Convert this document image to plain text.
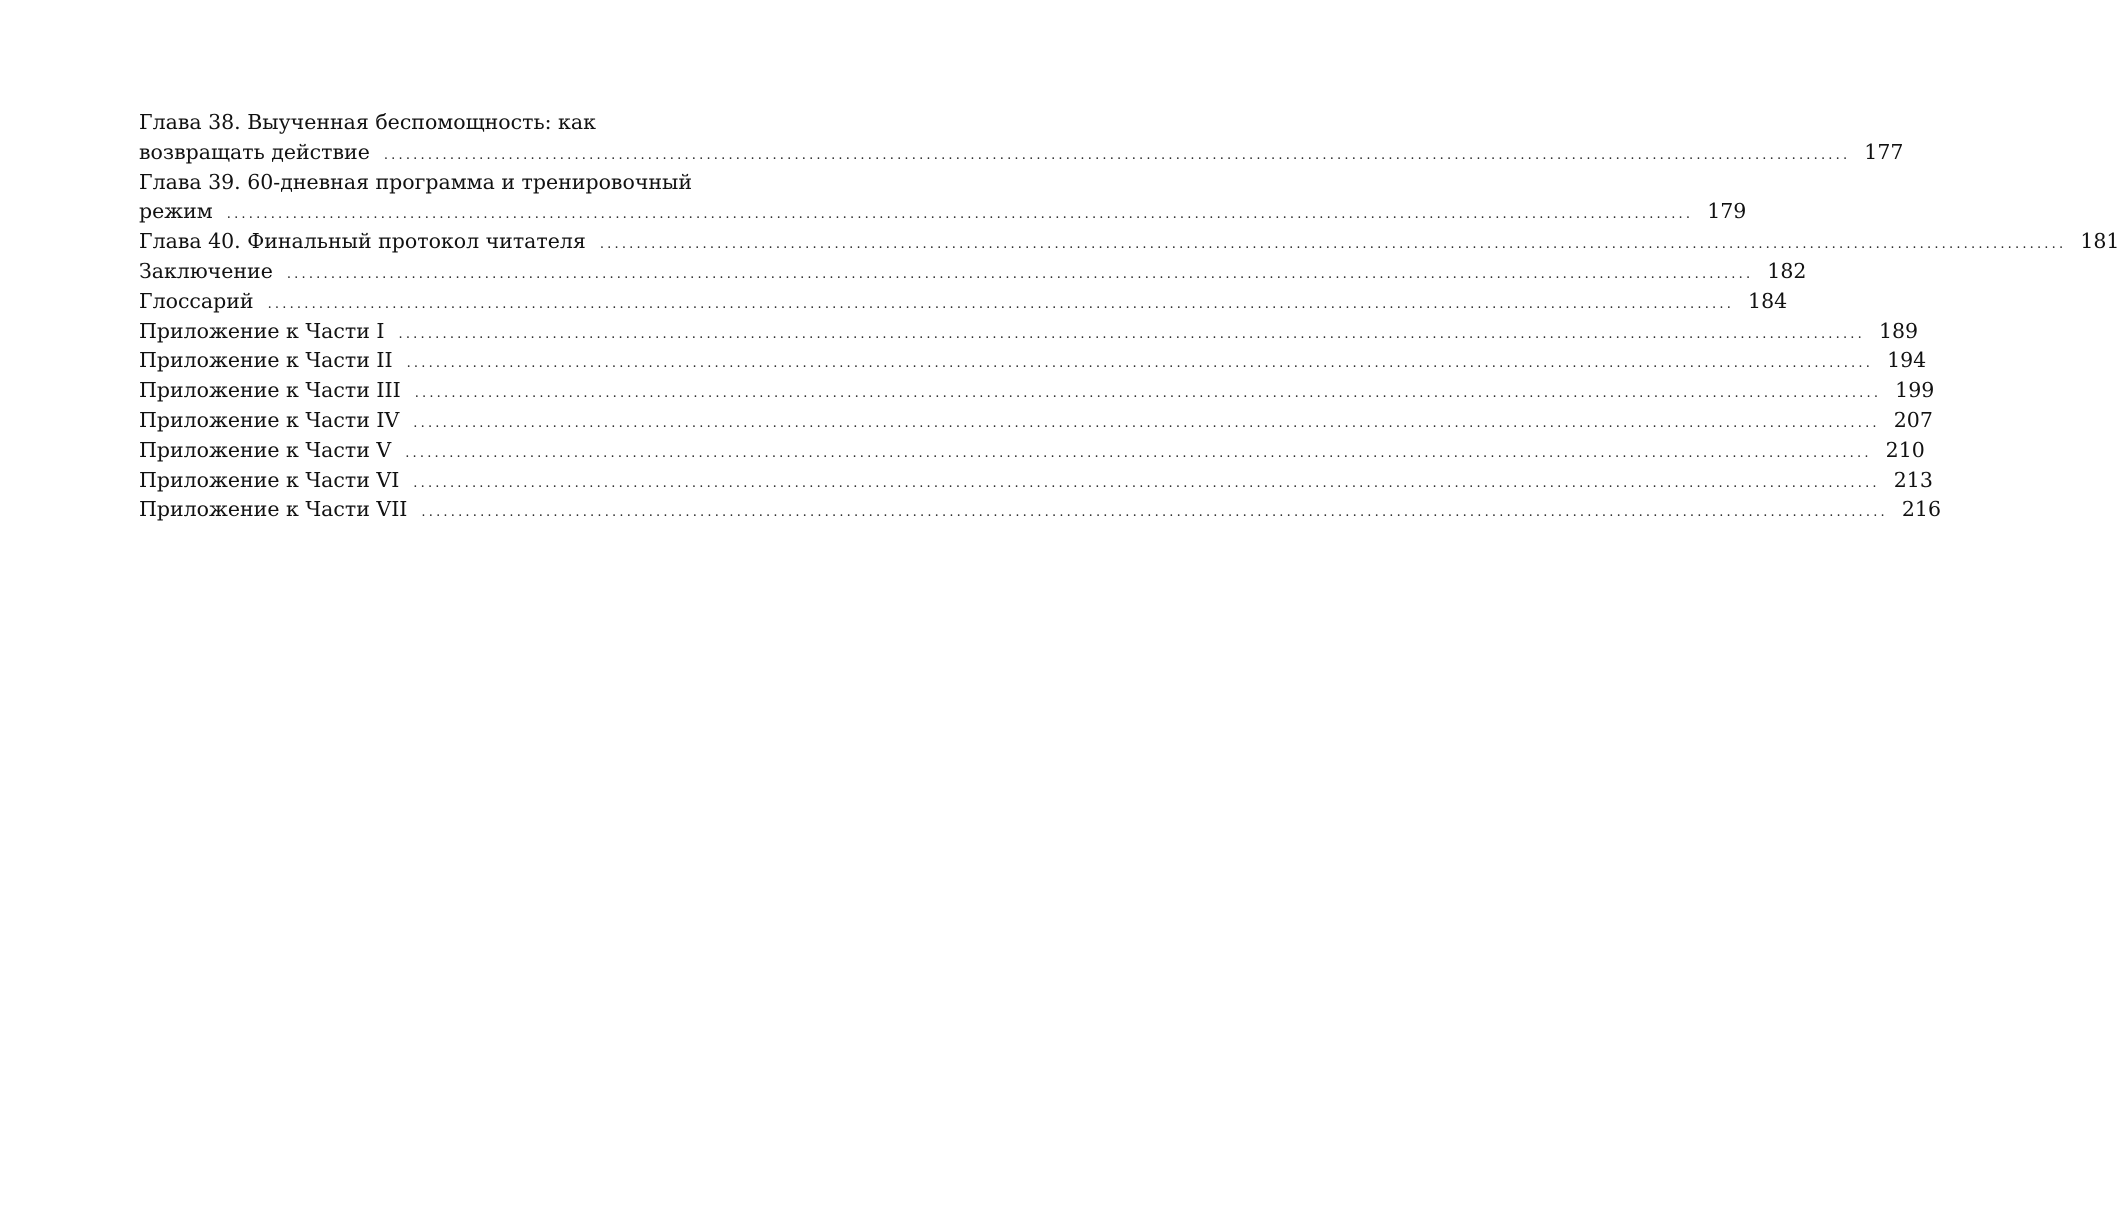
Глава 38. Выученная беспомощность: как
возвращать действие ........................................................................................................................................................................................................ 177
Глава 39. 60-дневная программа и тренировочный
режим ........................................................................................................................................................................................................ 179
Глава 40. Финальный протокол читателя ........................................................................................................................................................................................................ 181
Заключение ........................................................................................................................................................................................................ 182
Глоссарий ........................................................................................................................................................................................................ 184
Приложение к Части I ........................................................................................................................................................................................................ 189
Приложение к Части II ........................................................................................................................................................................................................ 194
Приложение к Части III ........................................................................................................................................................................................................ 199
Приложение к Части IV ........................................................................................................................................................................................................ 207
Приложение к Части V ........................................................................................................................................................................................................ 210
Приложение к Части VI ........................................................................................................................................................................................................ 213
Приложение к Части VII ........................................................................................................................................................................................................ 216
